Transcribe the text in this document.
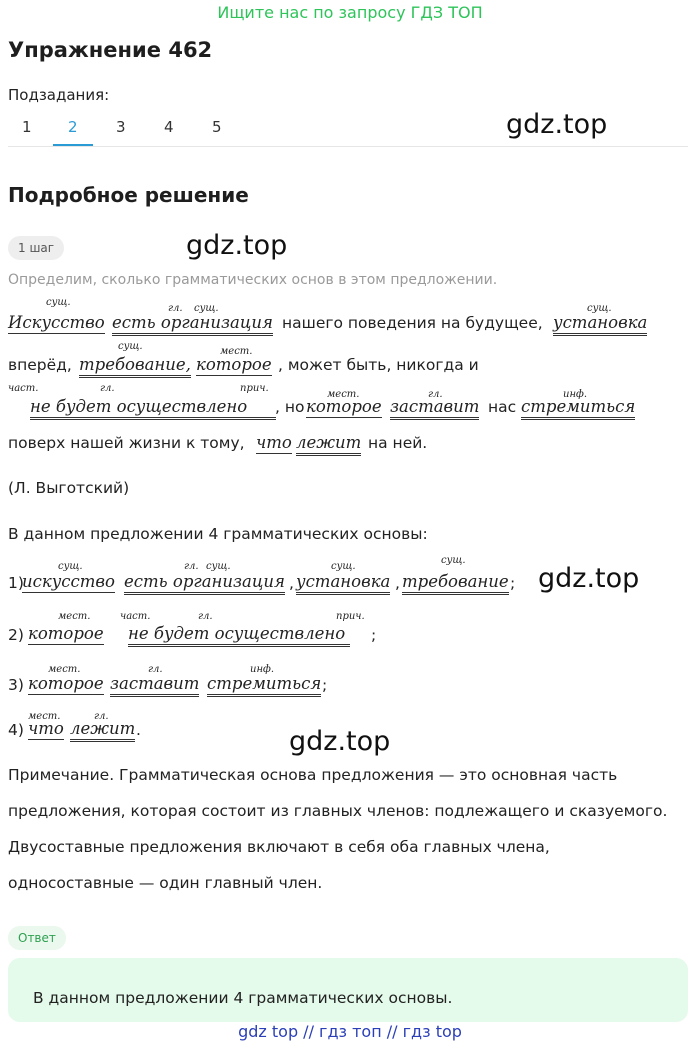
Ищите нас по запросу ГДЗ ТОП
Упражнение 462
Подзадания:
1 2	3	4	5	gdz.top
Подробное решение
1 шаг	gdz.top
Определим, сколько грамматических основ в этом предложении.
сущ.
гл. сущ.	сущ.
Искусство есть организация нашего поведения на будущее, установка
сущ.	мест.
вперёд, требование, которое , может быть, никогда и
част.	гл.	прич.
мест.	гл.	инф.
не будет осуществлено	, но которое заставит нас стремиться
поверх нашей жизни к тому, что лежит на ней.
(Л. Выготский)
В данном предложении 4 грамматических основы:
сущ.	гл. сущ.	сущ.
сущ.
1)
искусство есть организация , установка , требование ; gdz.top
мест.	част.	гл.	прич.
2) которое не будет осуществлено	;
мест.	гл.	инф.
3) которое заставит стремиться ;
мест.	гл.
4) что лежит .	gdz.top
Примечание. Грамматическая основа предложения — это основная часть
предложения, которая состоит из главных членов: подлежащего и сказуемого.
Двусоставные предложения включают в себя оба главных члена,
односоставные — один главный член.
Ответ
В данном предложении 4 грамматических основы.
gdz top // гдз топ // гдз top
